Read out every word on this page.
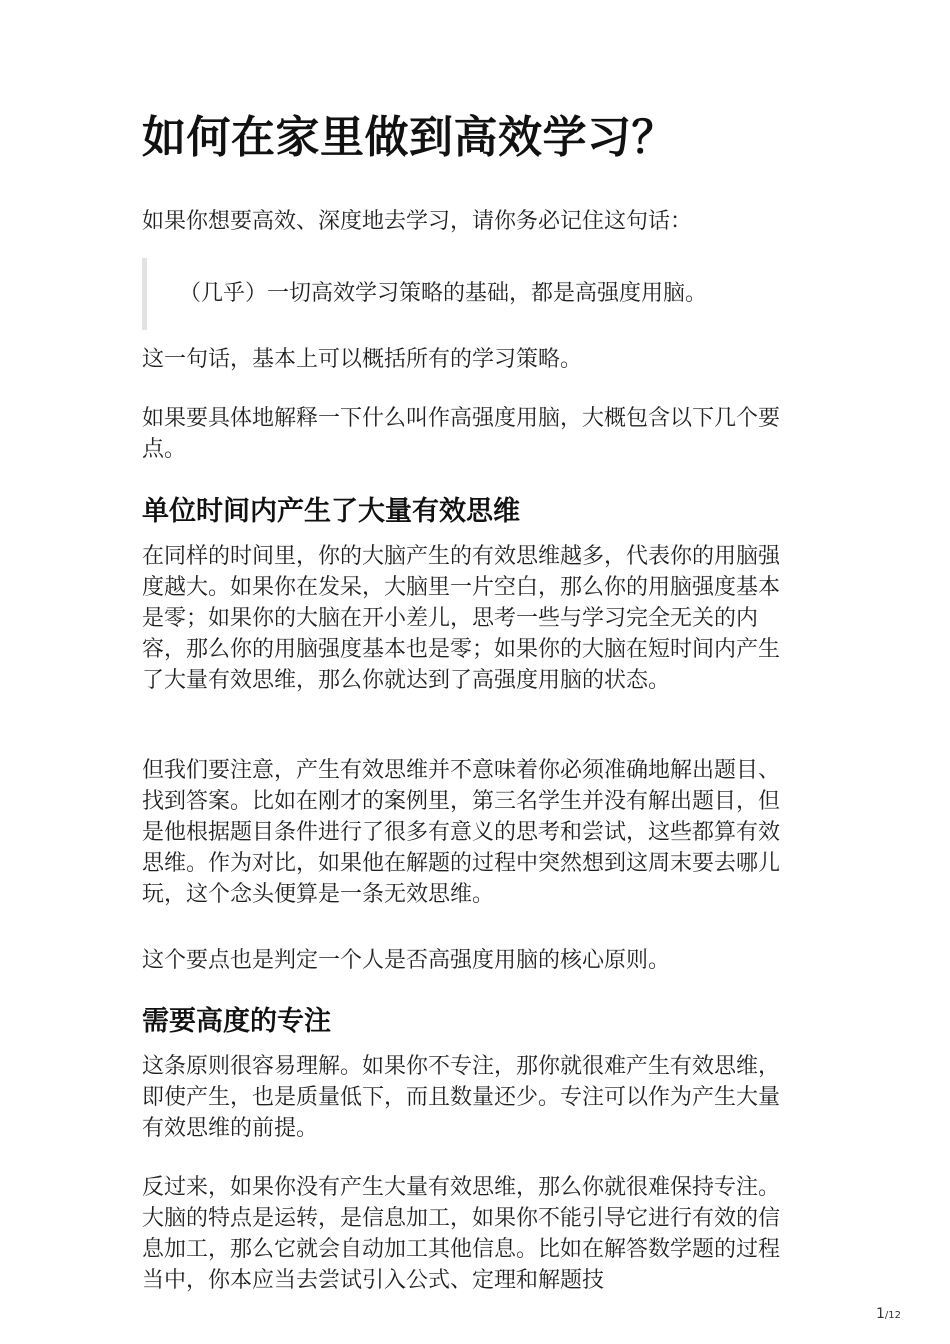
如何在家里做到高效学习？

如果你想要高效、深度地去学习，请你务必记住这句话：

（几乎）一切高效学习策略的基础，都是高强度用脑。

这一句话，基本上可以概括所有的学习策略。

如果要具体地解释一下什么叫作高强度用脑，大概包含以下几个要点。

单位时间内产生了大量有效思维

在同样的时间里，你的大脑产生的有效思维越多，代表你的用脑强度越大。如果你在发呆，大脑里一片空白，那么你的用脑强度基本是零；如果你的大脑在开小差儿，思考一些与学习完全无关的内容，那么你的用脑强度基本也是零；如果你的大脑在短时间内产生了大量有效思维，那么你就达到了高强度用脑的状态。

但我们要注意，产生有效思维并不意味着你必须准确地解出题目、找到答案。比如在刚才的案例里，第三名学生并没有解出题目，但是他根据题目条件进行了很多有意义的思考和尝试，这些都算有效思维。作为对比，如果他在解题的过程中突然想到这周末要去哪儿玩，这个念头便算是一条无效思维。

这个要点也是判定一个人是否高强度用脑的核心原则。

需要高度的专注

这条原则很容易理解。如果你不专注，那你就很难产生有效思维，即使产生，也是质量低下，而且数量还少。专注可以作为产生大量有效思维的前提。

反过来，如果你没有产生大量有效思维，那么你就很难保持专注。大脑的特点是运转，是信息加工，如果你不能引导它进行有效的信息加工，那么它就会自动加工其他信息。比如在解答数学题的过程当中，你本应当去尝试引入公式、定理和解题技

1/12
